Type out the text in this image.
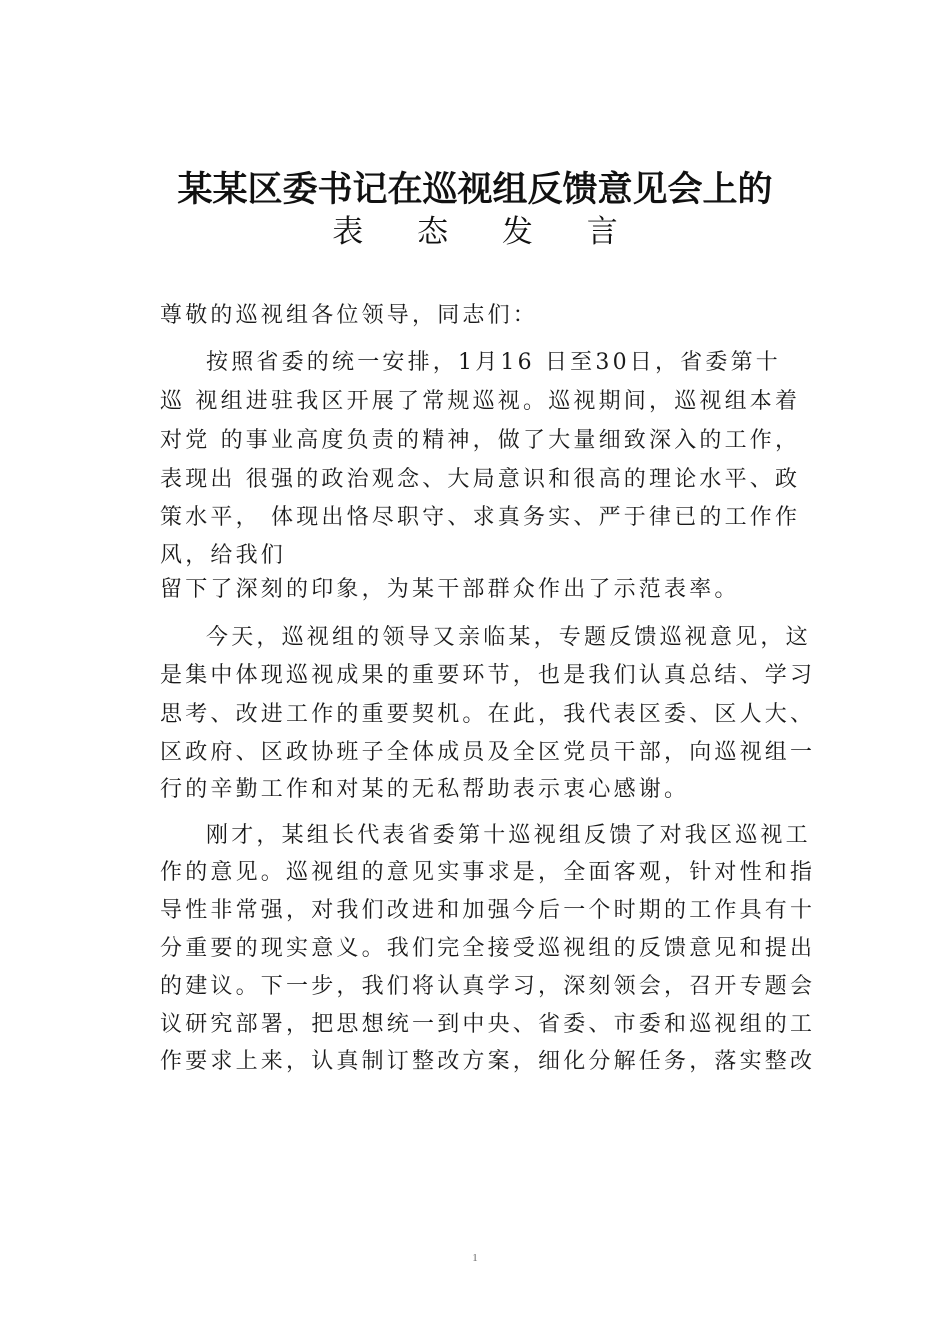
某某区委书记在巡视组反馈意见会上的
表 态 发 言
尊敬的巡视组各位领导，同志们：
按照省委的统一安排，1月16 日至30日，省委第十
巡 视组进驻我区开展了常规巡视。巡视期间，巡视组本着
对党 的事业高度负责的精神，做了大量细致深入的工作，
表现出 很强的政治观念、大局意识和很高的理论水平、政
策水平， 体现出恪尽职守、求真务实、严于律已的工作作
风，给我们
留下了深刻的印象，为某干部群众作出了示范表率。
今天，巡视组的领导又亲临某，专题反馈巡视意见，这
是集中体现巡视成果的重要环节，也是我们认真总结、学习
思考、改进工作的重要契机。在此，我代表区委、区人大、
区政府、区政协班子全体成员及全区党员干部，向巡视组一
行的辛勤工作和对某的无私帮助表示衷心感谢。
刚才，某组长代表省委第十巡视组反馈了对我区巡视工
作的意见。巡视组的意见实事求是，全面客观，针对性和指
导性非常强，对我们改进和加强今后一个时期的工作具有十
分重要的现实意义。我们完全接受巡视组的反馈意见和提出
的建议。下一步，我们将认真学习，深刻领会，召开专题会
议研究部署，把思想统一到中央、省委、市委和巡视组的工
作要求上来，认真制订整改方案，细化分解任务，落实整改
1
